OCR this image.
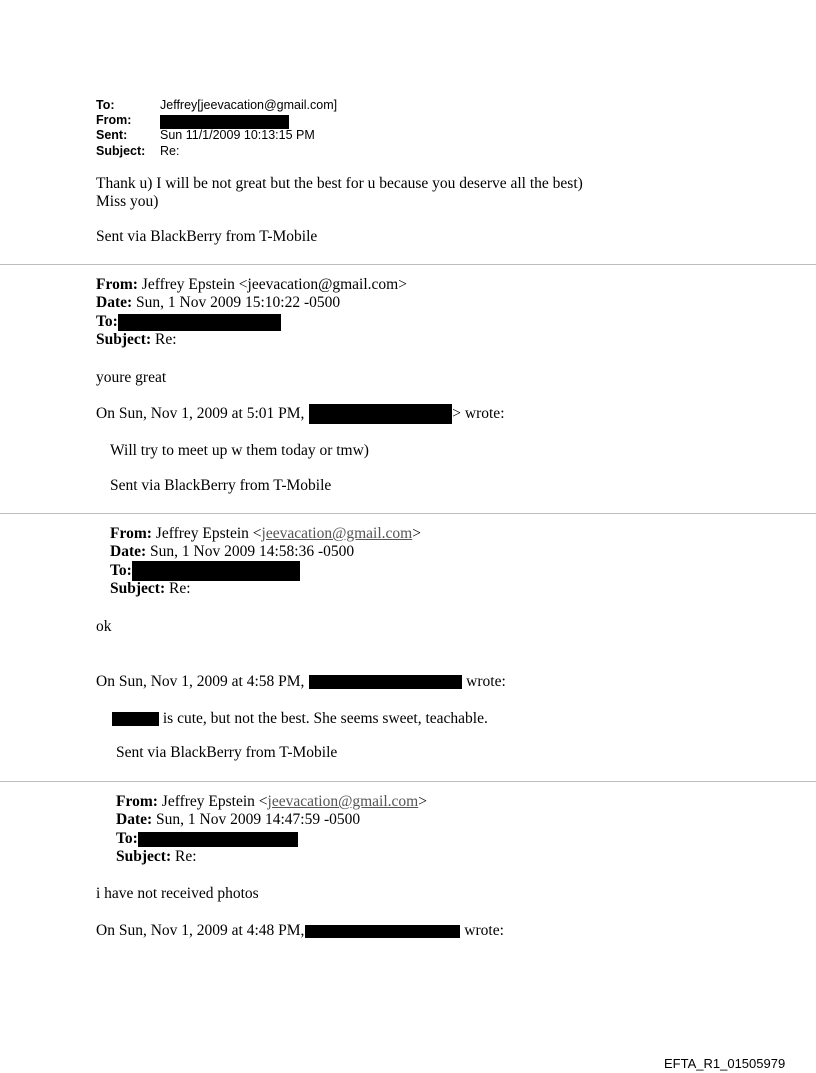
To:	Jeffrey[jeevacation@gmail.com]
From:
Sent:	Sun 11/1/2009 10:13:15 PM
Subject: Re:
Thank u) I will be not great but the best for u because you deserve all the best)
Miss you)
Sent via BlackBerry from T-Mobile
From: Jeffrey Epstein <jeevacation@gmail.com>
Date: Sun, 1 Nov 2009 15:10:22 -0500
To:
Subject: Re:
youre great
On Sun, Nov 1, 2009 at 5:01 PM,	> wrote:
Will try to meet up w them today or tmw)
Sent via BlackBerry from T-Mobile
From: Jeffrey Epstein <jeevacation@gmail.com>
Date: Sun, 1 Nov 2009 14:58:36 -0500
To:
Subject: Re:
ok
On Sun, Nov 1, 2009 at 4:58 PM,	wrote:
is cute, but not the best. She seems sweet, teachable.
Sent via BlackBerry from T-Mobile
From: Jeffrey Epstein <jeevacation@gmail.com>
Date: Sun, 1 Nov 2009 14:47:59 -0500
To:
Subject: Re:
i have not received photos
On Sun, Nov 1, 2009 at 4:48 PM,	wrote:
EFTA_R1_01505979
